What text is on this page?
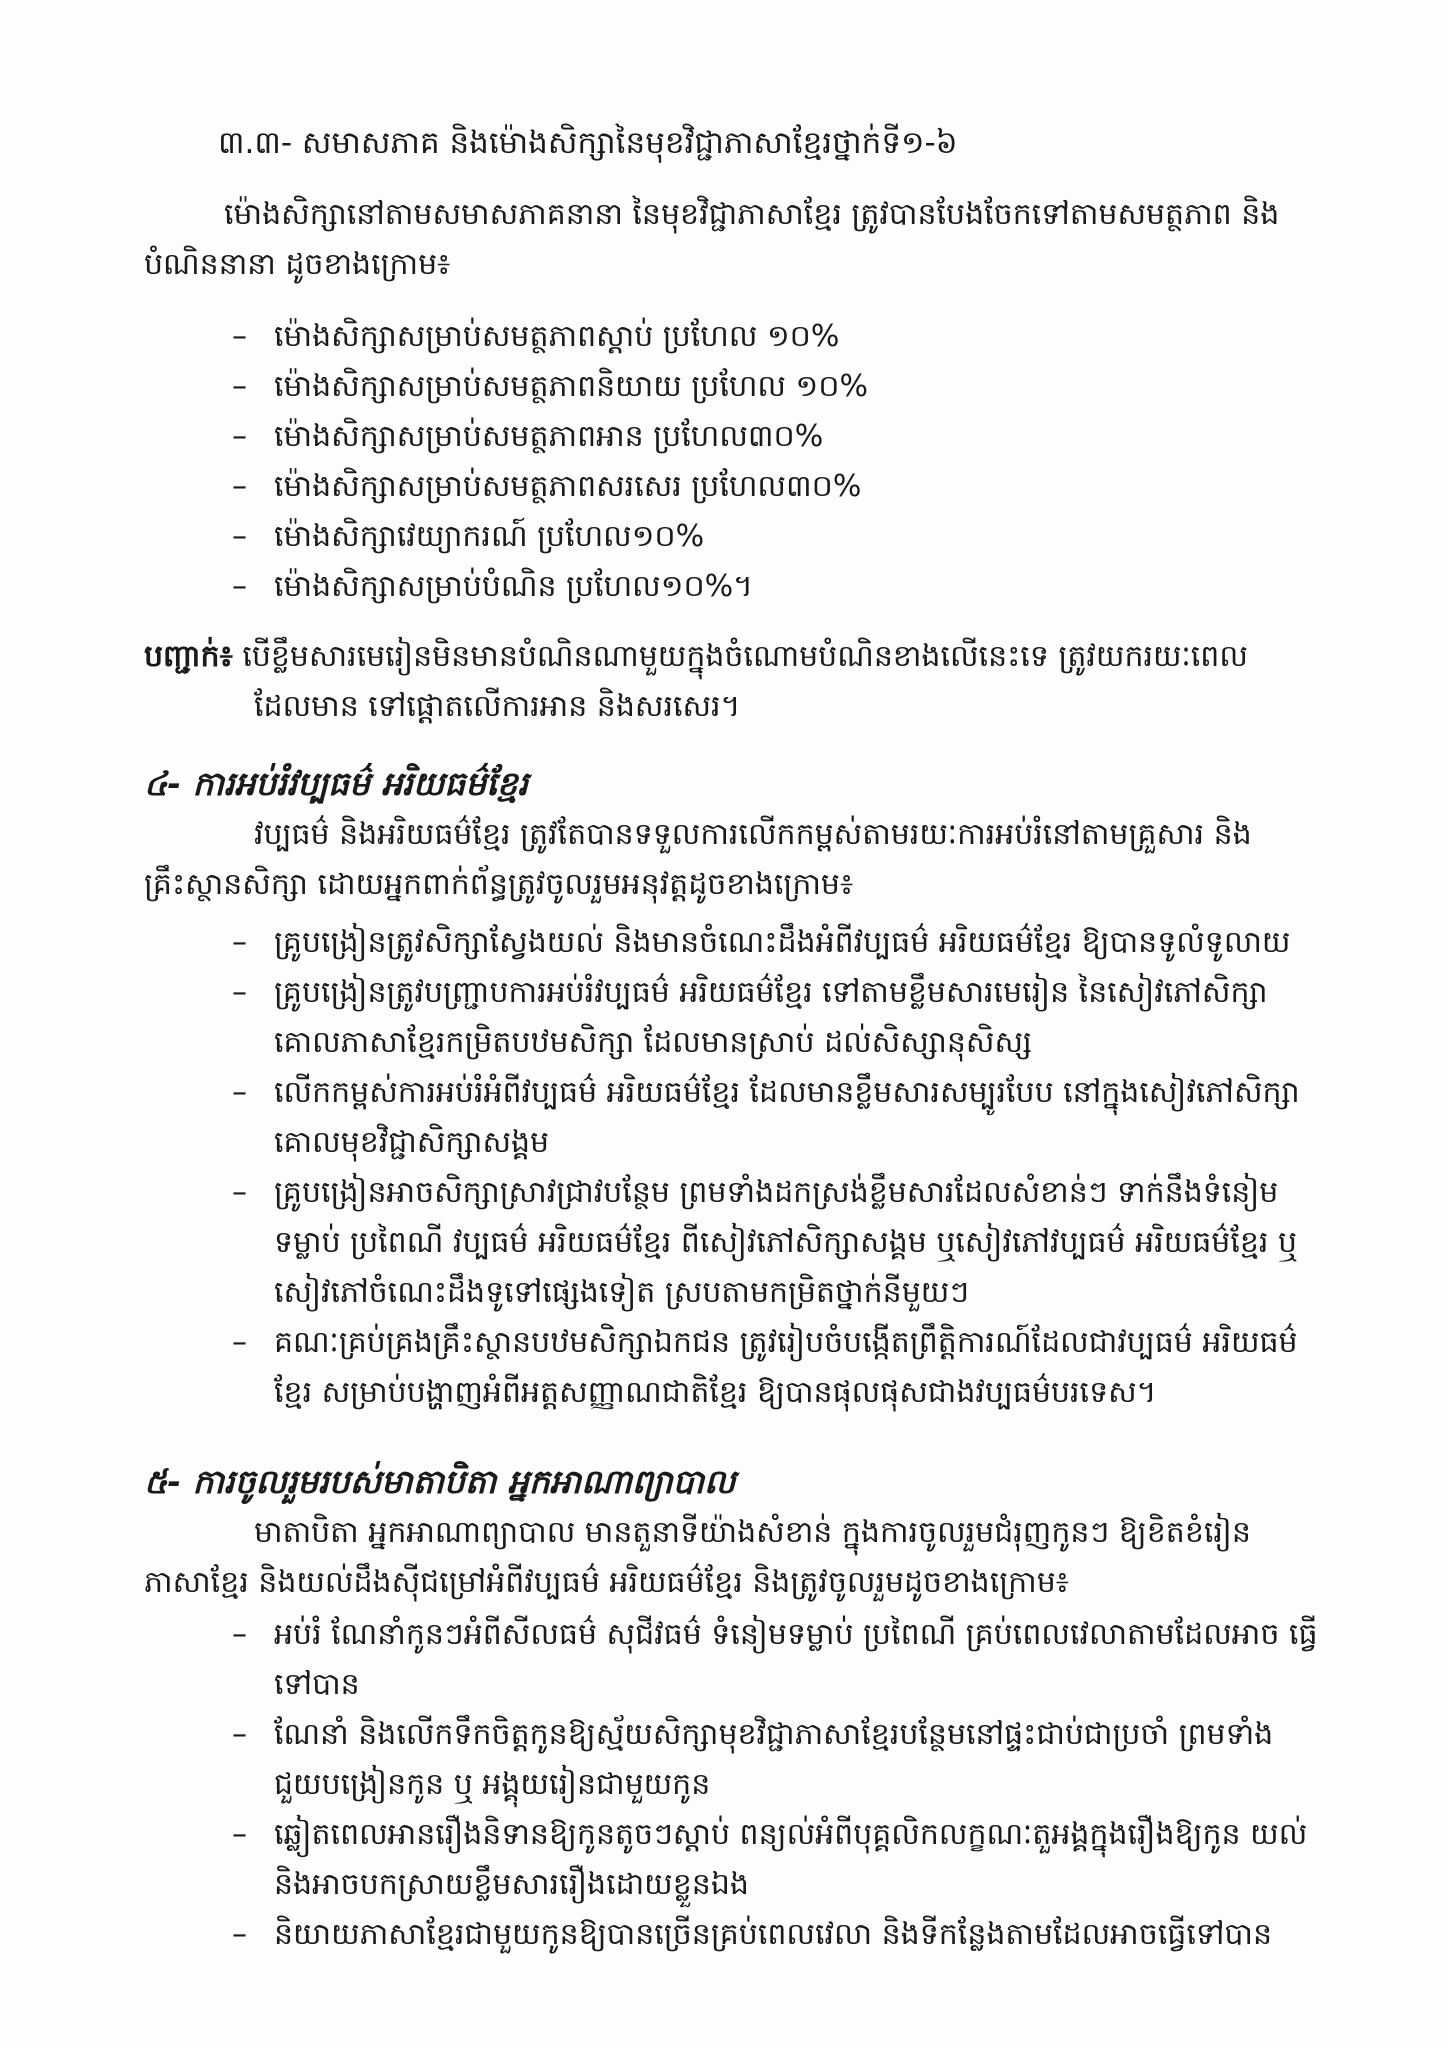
៣.៣- សមាសភាគ និងម៉ោងសិក្សានៃមុខវិជ្ជាភាសាខ្មែរថ្នាក់ទី១-៦
ម៉ោងសិក្សានៅតាមសមាសភាគនានា នៃមុខវិជ្ជាភាសាខ្មែរ ត្រូវបានបែងចែកទៅតាមសមត្ថភាព និង បំណិននានា ដូចខាងក្រោម៖
– ម៉ោងសិក្សាសម្រាប់សមត្ថភាពស្ដាប់ ប្រហែល ១០%
– ម៉ោងសិក្សាសម្រាប់សមត្ថភាពនិយាយ ប្រហែល ១០%
– ម៉ោងសិក្សាសម្រាប់សមត្ថភាពអាន ប្រហែល៣០%
– ម៉ោងសិក្សាសម្រាប់សមត្ថភាពសរសេរ ប្រហែល៣០%
– ម៉ោងសិក្សាវេយ្យាករណ៍ ប្រហែល១០%
– ម៉ោងសិក្សាសម្រាប់បំណិន ប្រហែល១០%។
បញ្ជាក់៖ បើខ្លឹមសារមេរៀនមិនមានបំណិនណាមួយក្នុងចំណោមបំណិនខាងលើនេះទេ ត្រូវយករយៈពេល
ដែលមាន ទៅផ្ដោតលើការអាន និងសរសេរ។
៤- ការអប់រំវប្បធម៌ អរិយធម៌ខ្មែរ
វប្បធម៌ និងអរិយធម៌ខ្មែរ ត្រូវតែបានទទួលការលើកកម្ពស់តាមរយៈការអប់រំនៅតាមគ្រួសារ និង គ្រឹះស្ថានសិក្សា ដោយអ្នកពាក់ព័ន្ធត្រូវចូលរួមអនុវត្តដូចខាងក្រោម៖
– គ្រូបង្រៀនត្រូវសិក្សាស្វែងយល់ និងមានចំណេះដឹងអំពីវប្បធម៌ អរិយធម៌ខ្មែរ ឱ្យបានទូលំទូលាយ
– គ្រូបង្រៀនត្រូវបញ្ជ្រាបការអប់រំវប្បធម៌ អរិយធម៌ខ្មែរ ទៅតាមខ្លឹមសារមេរៀន នៃសៀវភៅសិក្សា គោលភាសាខ្មែរកម្រិតបឋមសិក្សា ដែលមានស្រាប់ ដល់សិស្សានុសិស្ស
– លើកកម្ពស់ការអប់រំអំពីវប្បធម៌ អរិយធម៌ខ្មែរ ដែលមានខ្លឹមសារសម្បូរបែប នៅក្នុងសៀវភៅសិក្សា គោលមុខវិជ្ជាសិក្សាសង្គម
– គ្រូបង្រៀនអាចសិក្សាស្រាវជ្រាវបន្ថែម ព្រមទាំងដកស្រង់ខ្លឹមសារដែលសំខាន់ៗ ទាក់នឹងទំនៀម ទម្លាប់ ប្រពៃណី វប្បធម៌ អរិយធម៌ខ្មែរ ពីសៀវភៅសិក្សាសង្គម ឬសៀវភៅវប្បធម៌ អរិយធម៌ខ្មែរ ឬ សៀវភៅចំណេះដឹងទូទៅផ្សេងទៀត ស្របតាមកម្រិតថ្នាក់នីមួយៗ
– គណៈគ្រប់គ្រងគ្រឹះស្ថានបឋមសិក្សាឯកជន ត្រូវរៀបចំបង្កើតព្រឹត្តិការណ៍ដែលជាវប្បធម៌ អរិយធម៌ ខ្មែរ សម្រាប់បង្ហាញអំពីអត្តសញ្ញាណជាតិខ្មែរ ឱ្យបានផុលផុសជាងវប្បធម៌បរទេស។
៥- ការចូលរួមរបស់មាតាបិតា អ្នកអាណាព្យាបាល
មាតាបិតា អ្នកអាណាព្យាបាល មានតួនាទីយ៉ាងសំខាន់ ក្នុងការចូលរួមជំរុញកូនៗ ឱ្យខិតខំរៀន ភាសាខ្មែរ និងយល់ដឹងស៊ីជម្រៅអំពីវប្បធម៌ អរិយធម៌ខ្មែរ និងត្រូវចូលរួមដូចខាងក្រោម៖
– អប់រំ ណែនាំកូនៗអំពីសីលធម៌ សុជីវធម៌ ទំនៀមទម្លាប់ ប្រពៃណី គ្រប់ពេលវេលាតាមដែលអាច ធ្វើទៅបាន
– ណែនាំ និងលើកទឹកចិត្តកូនឱ្យស្ម័យសិក្សាមុខវិជ្ជាភាសាខ្មែរបន្ថែមនៅផ្ទះជាប់ជាប្រចាំ ព្រមទាំង ជួយបង្រៀនកូន ឬ អង្គុយរៀនជាមួយកូន
– ឆ្លៀតពេលអានរឿងនិទានឱ្យកូនតូចៗស្ដាប់ ពន្យល់អំពីបុគ្គលិកលក្ខណៈតួអង្គក្នុងរឿងឱ្យកូន យល់ និងអាចបកស្រាយខ្លឹមសាររឿងដោយខ្លួនឯង
– និយាយភាសាខ្មែរជាមួយកូនឱ្យបានច្រើនគ្រប់ពេលវេលា និងទីកន្លែងតាមដែលអាចធ្វើទៅបាន
